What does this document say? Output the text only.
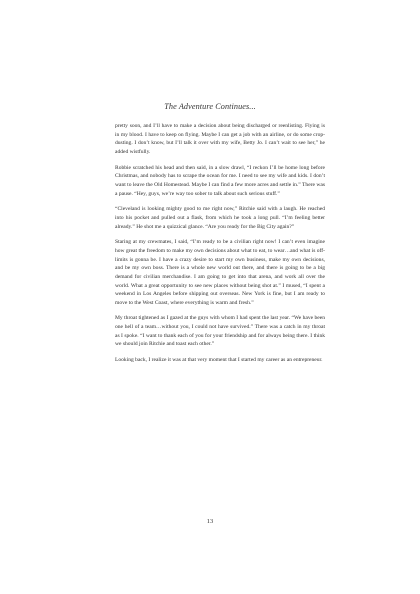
The Adventure Continues...

pretty soon, and I’ll have to make a decision about being discharged or reenlisting. Flying is in my blood. I have to keep on flying. Maybe I can get a job with an airline, or do some crop-dusting. I don’t know, but I’ll talk it over with my wife, Betty Jo. I can’t wait to see her,” he added wistfully.

Robbie scratched his head and then said, in a slow drawl, “I reckon I’ll be home long before Christmas, and nobody has to scrape the ocean for me. I need to see my wife and kids. I don’t want to leave the Old Homestead. Maybe I can find a few more acres and settle in.” There was a pause. “Hey, guys, we’re way too sober to talk about such serious stuff.”

“Cleveland is looking mighty good to me right now,” Ritchie said with a laugh. He reached into his pocket and pulled out a flask, from which he took a long pull. “I’m feeling better already.” He shot me a quizzical glance. “Are you ready for the Big City again?”

Staring at my crewmates, I said, “I’m ready to be a civilian right now! I can’t even imagine how great the freedom to make my own decisions about what to eat, to wear…and what is off-limits is gonna be. I have a crazy desire to start my own business, make my own decisions, and be my own boss. There is a whole new world out there, and there is going to be a big demand for civilian merchandise. I am going to get into that arena, and work all over the world. What a great opportunity to see new places without being shot at.” I mused, “I spent a weekend in Los Angeles before shipping out overseas. New York is fine, but I am ready to move to the West Coast, where everything is warm and fresh.”

My throat tightened as I gazed at the guys with whom I had spent the last year. “We have been one hell of a team…without you, I could not have survived.” There was a catch in my throat as I spoke. “I want to thank each of you for your friendship and for always being there. I think we should join Ritchie and toast each other.”

Looking back, I realize it was at that very moment that I started my career as an entrepreneur.

13
